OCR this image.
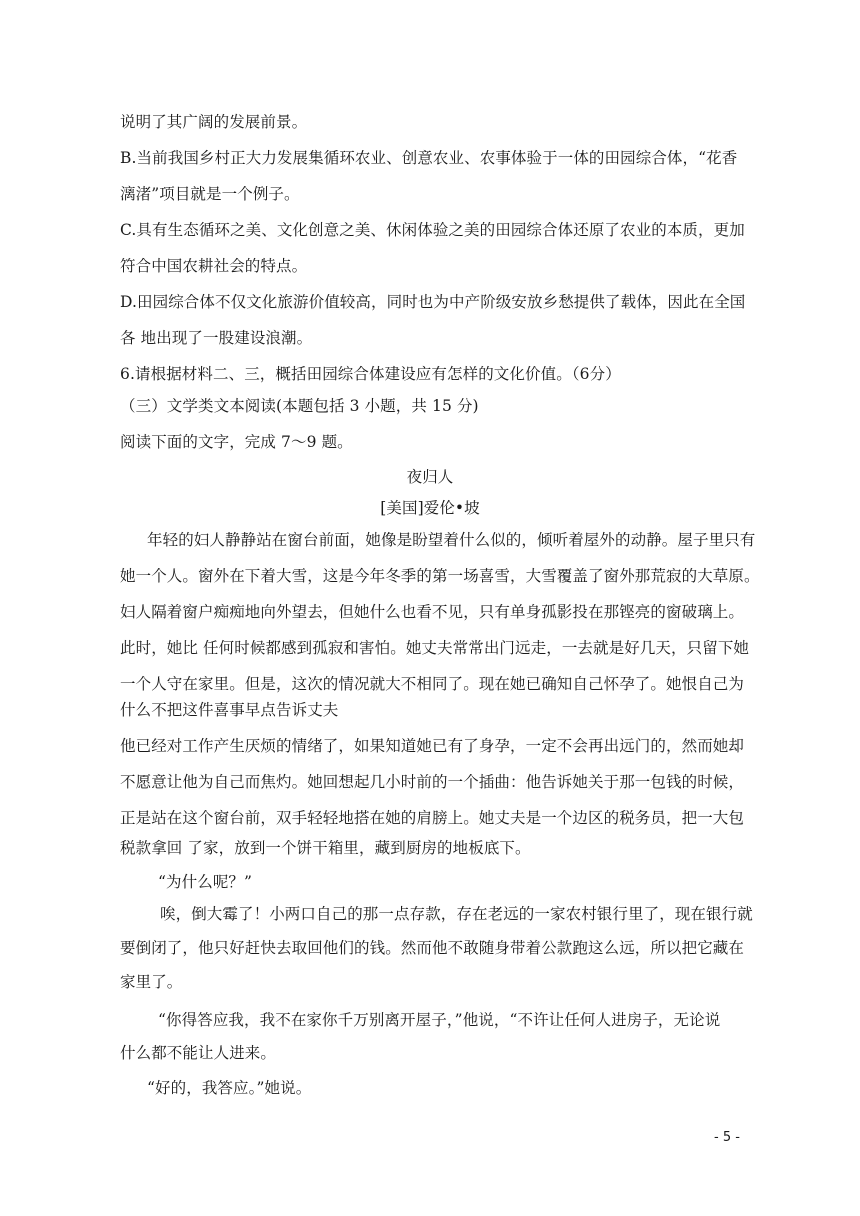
说明了其广阔的发展前景。
B.当前我国乡村正大力发展集循环农业、创意农业、农事体验于一体的田园综合体，“花香
漓渚”项目就是一个例子。
C.具有生态循环之美、文化创意之美、休闲体验之美的田园综合体还原了农业的本质，更加
符合中国农耕社会的特点。
D.田园综合体不仅文化旅游价值较高，同时也为中产阶级安放乡愁提供了载体，因此在全国
各 地出现了一股建设浪潮。
6.请根据材料二、三，概括田园综合体建设应有怎样的文化价值。（6分）
（三）文学类文本阅读(本题包括 3 小题，共 15 分)
阅读下面的文字，完成 7～9 题。
夜归人
[美国]爱伦•坡
年轻的妇人静静站在窗台前面，她像是盼望着什么似的，倾听着屋外的动静。屋子里只有
她一个人。窗外在下着大雪，这是今年冬季的第一场喜雪，大雪覆盖了窗外那荒寂的大草原。
妇人隔着窗户痴痴地向外望去，但她什么也看不见，只有单身孤影投在那铿亮的窗破璃上。
此时，她比 任何时候都感到孤寂和害怕。她丈夫常常出门远走，一去就是好几天，只留下她
一个人守在家里。但是，这次的情况就大不相同了。现在她已确知自己怀孕了。她恨自己为
什么不把这件喜事早点告诉丈夫
他已经对工作产生厌烦的情绪了，如果知道她已有了身孕，一定不会再出远门的，然而她却
不愿意让他为自己而焦灼。她回想起几小时前的一个插曲：他告诉她关于那一包钱的时候，
正是站在这个窗台前，双手轻轻地搭在她的肩膀上。她丈夫是一个边区的税务员，把一大包
税款拿回 了家，放到一个饼干箱里，藏到厨房的地板底下。
“为什么呢？”
唉，倒大霉了！小两口自己的那一点存款，存在老远的一家农村银行里了，现在银行就
要倒闭了，他只好赶快去取回他们的钱。然而他不敢随身带着公款跑这么远，所以把它藏在
家里了。
“你得答应我，我不在家你千万别离开屋子，”他说，“不许让任何人进房子，无论说
什么都不能让人进来。
“好的，我答应。”她说。
- 5 -
